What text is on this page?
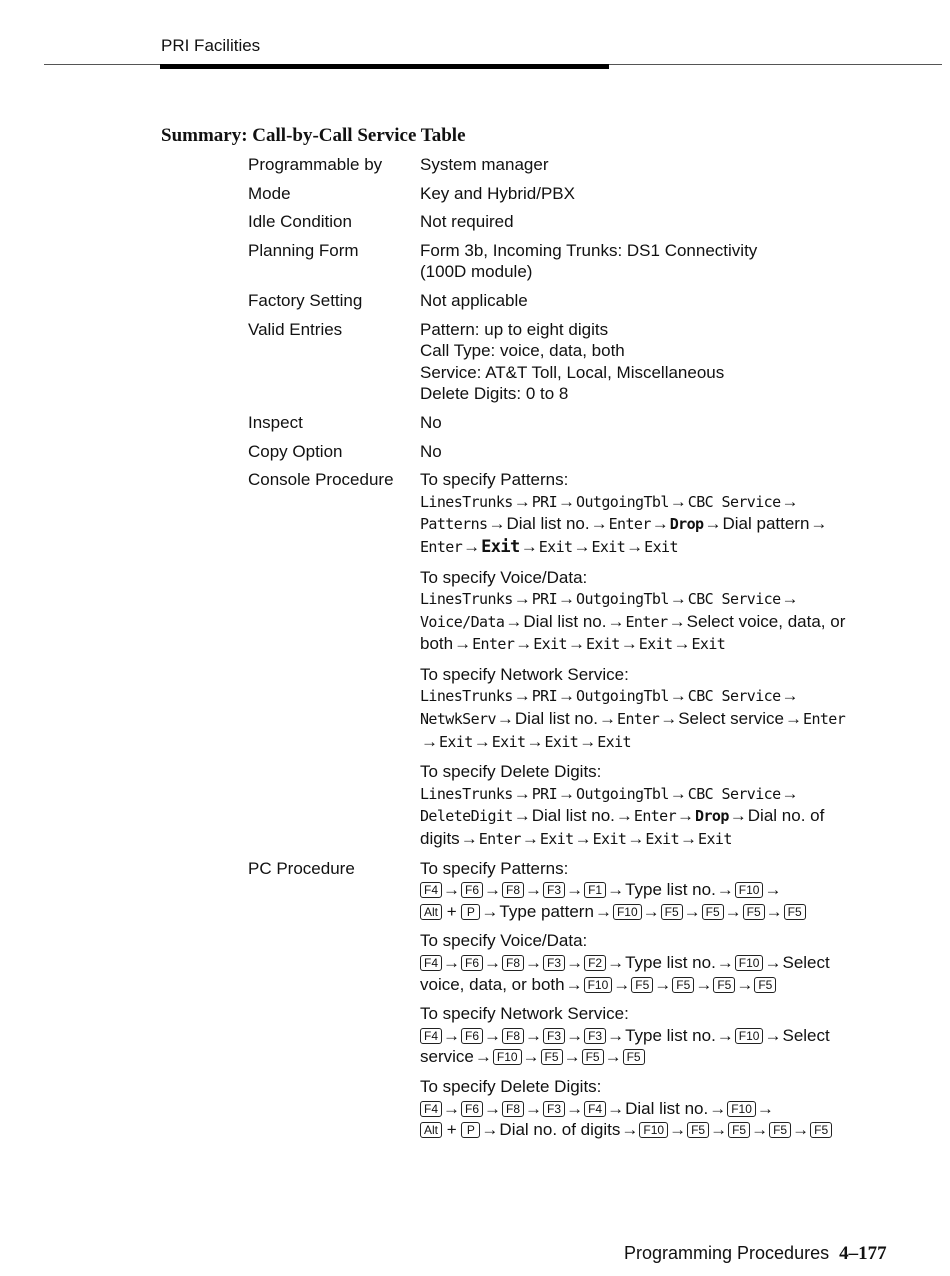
PRI Facilities
Summary: Call-by-Call Service Table
Programmable by	System manager
Mode	Key and Hybrid/PBX
Idle Condition	Not required
Planning Form	Form 3b, Incoming Trunks: DS1 Connectivity
(100D module)
Factory Setting	Not applicable
Valid Entries	Pattern: up to eight digits
Call Type: voice, data, both
Service: AT&T Toll, Local, Miscellaneous
Delete Digits: 0 to 8
Inspect	No
Copy Option	No
Console Procedure	To specify Patterns:
LinesTrunks→PRI→OutgoingTbl→CBC Service→
Patterns→Dial list no.→Enter→Drop→Dial pattern→
Enter→Exit→Exit→Exit→Exit
To specify Voice/Data:
LinesTrunks→PRI→OutgoingTbl→CBC Service→
Voice/Data→Dial list no.→Enter→Select voice, data, or
both→Enter→Exit→Exit→Exit→Exit
To specify Network Service:
LinesTrunks→PRI→OutgoingTbl→CBC Service→
NetwkServ→Dial list no.→Enter→Select service→Enter
→Exit→Exit→Exit→Exit
To specify Delete Digits:
LinesTrunks→PRI→OutgoingTbl→CBC Service→
DeleteDigit→Dial list no.→Enter→Drop→Dial no. of
digits→Enter→Exit→Exit→Exit→Exit
PC Procedure	To specify Patterns:
F4 → F6 → F8 → F3 → F1 →Type list no.→ F10 →
Alt + P →Type pattern→ F10 → F5 → F5 → F5 → F5
To specify Voice/Data:
F4 → F6 → F8 → F3 → F2 →Type list no.→ F10 →Select
voice, data, or both→ F10 → F5 → F5 → F5 → F5
To specify Network Service:
F4 → F6 → F8 → F3 → F3 →Type list no.→ F10 →Select
service→ F10 → F5 → F5 → F5
To specify Delete Digits:
F4 → F6 → F8 → F3 → F4 →Dial list no.→ F10 →
Alt + P →Dial no. of digits→ F10 → F5 → F5 → F5 → F5
Programming Procedures 4–177
